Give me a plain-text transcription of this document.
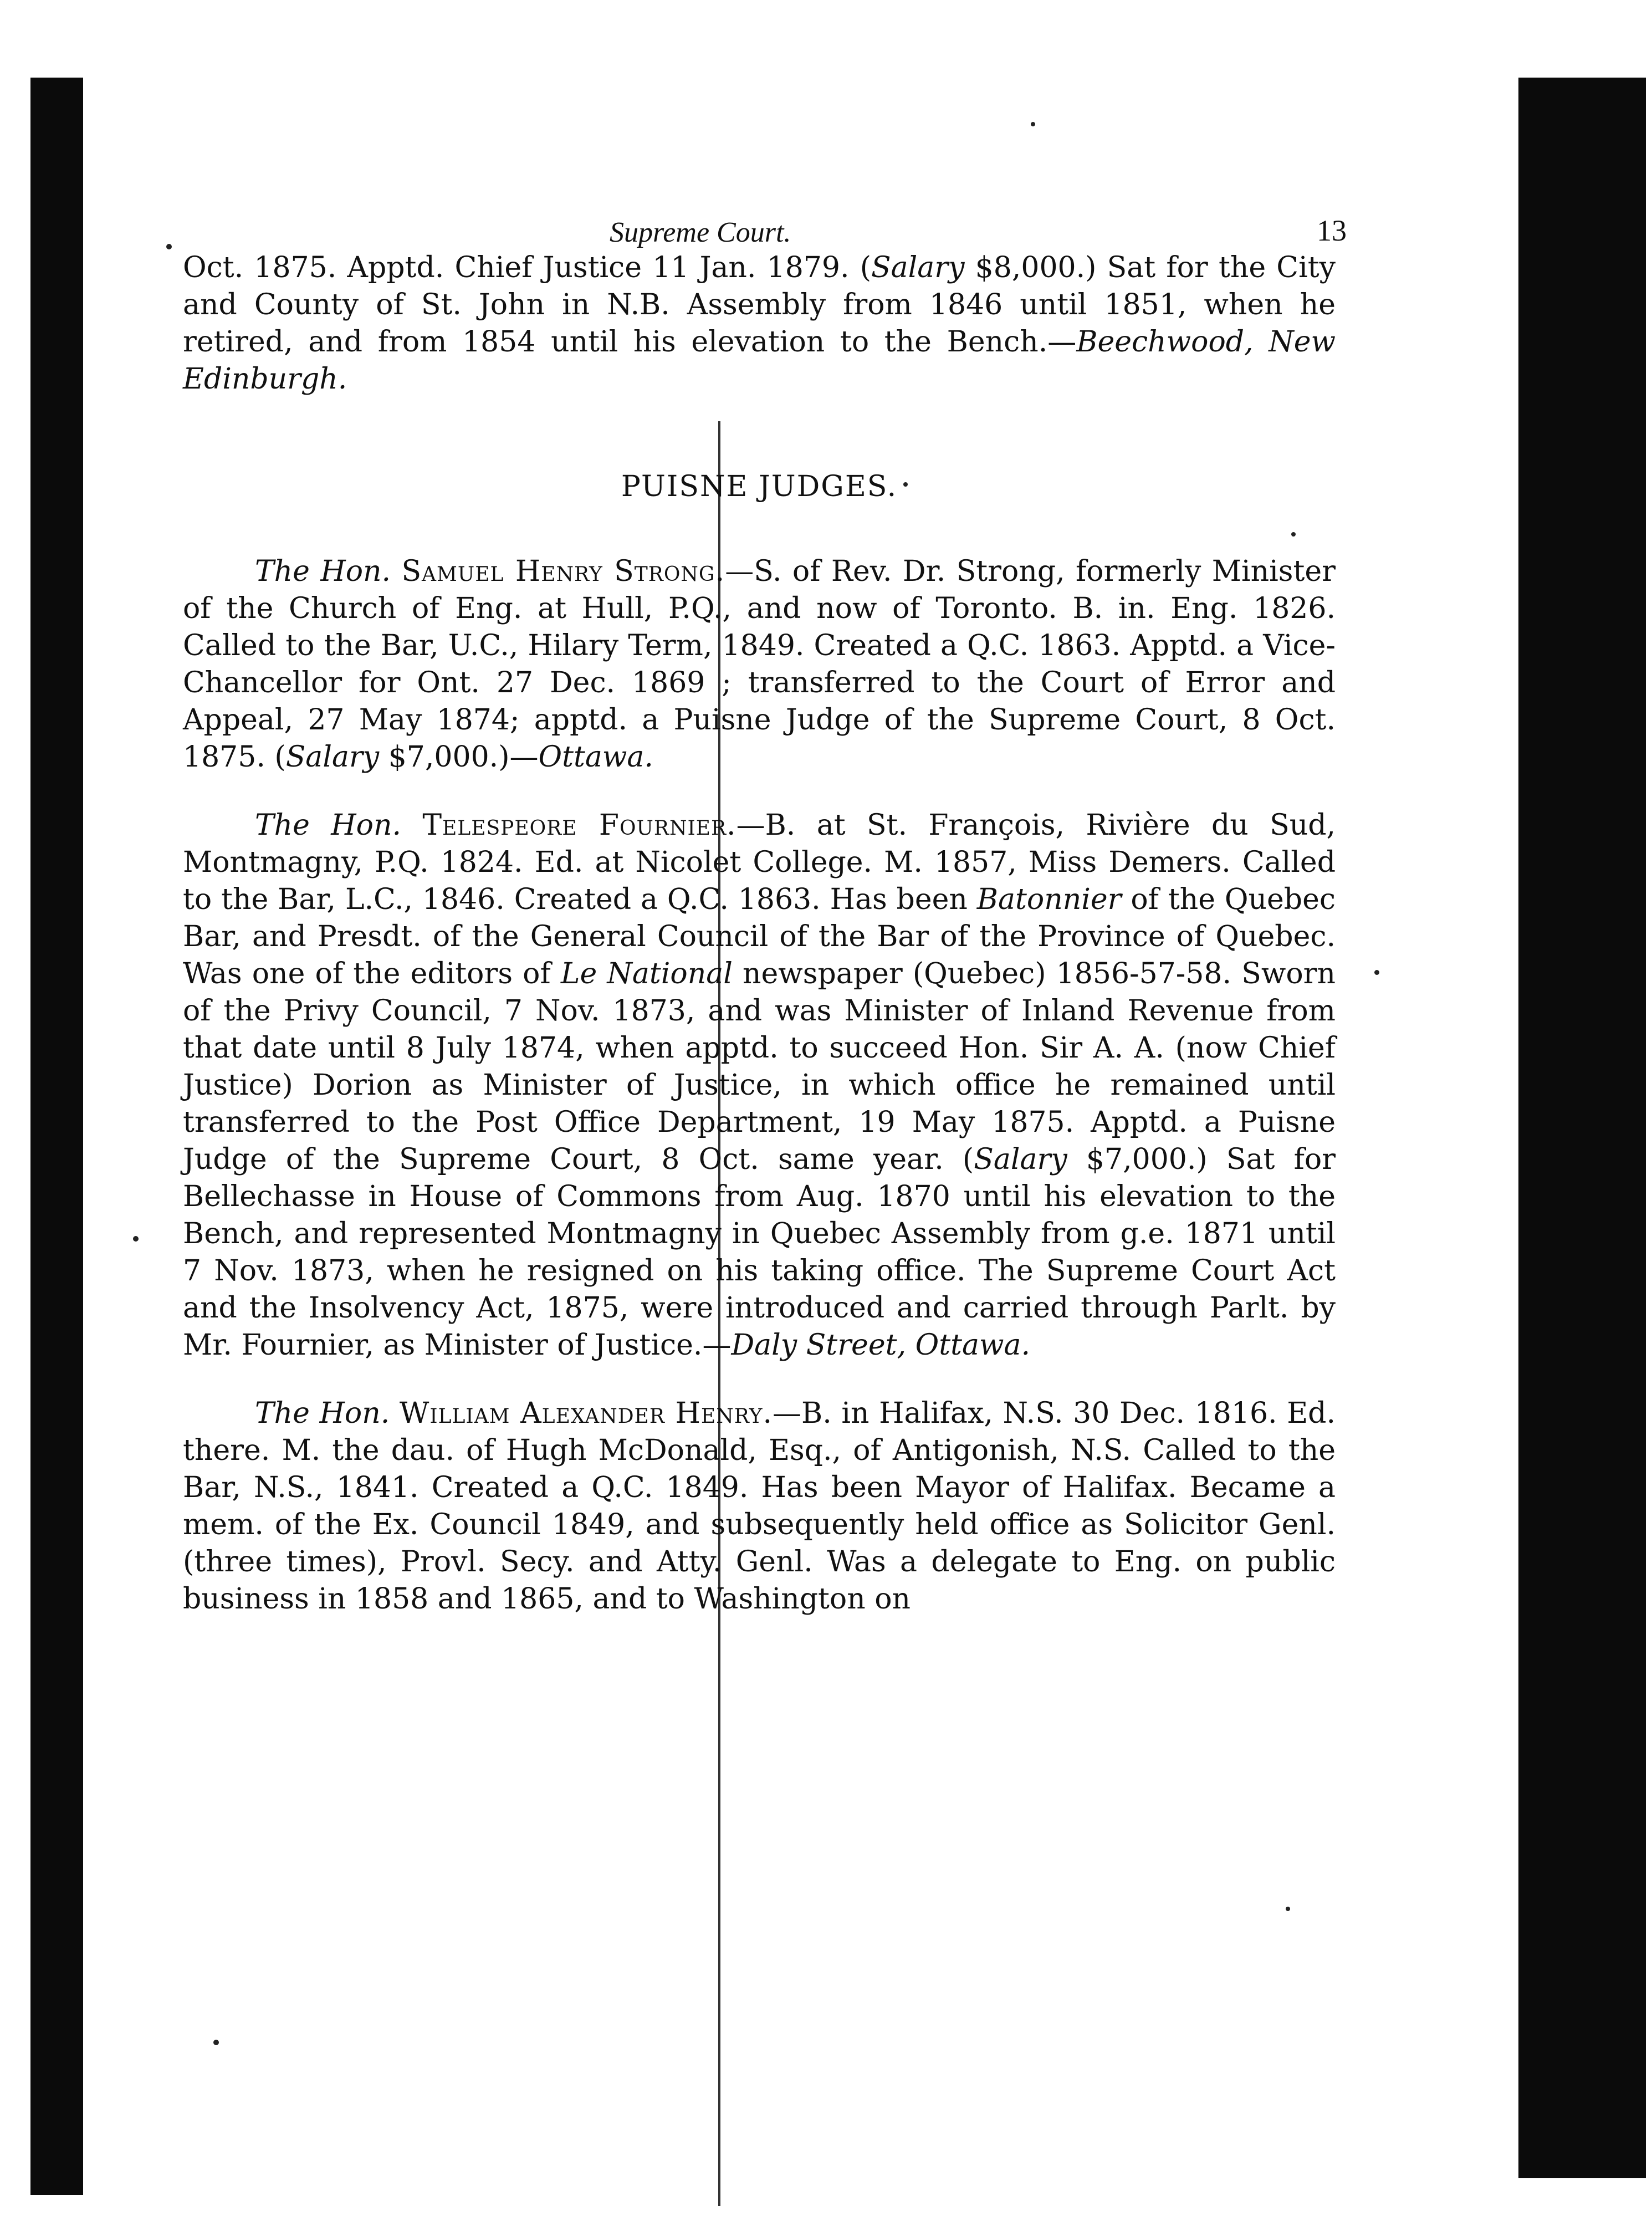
Supreme Court.	13

Oct. 1875. Apptd. Chief Justice 11 Jan. 1879. (Salary $8,000.) Sat for the City and County of St. John in N.B. Assembly from 1846 until 1851, when he retired, and from 1854 until his elevation to the Bench.—Beechwood, New Edinburgh.

PUISNE JUDGES.

The Hon. Samuel Henry Strong.—S. of Rev. Dr. Strong, formerly Minister of the Church of Eng. at Hull, P.Q., and now of Toronto. B. in. Eng. 1826. Called to the Bar, U.C., Hilary Term, 1849. Created a Q.C. 1863. Apptd. a Vice-Chancellor for Ont. 27 Dec. 1869 ; transferred to the Court of Error and Appeal, 27 May 1874; apptd. a Puisne Judge of the Supreme Court, 8 Oct. 1875. (Salary $7,000.)—Ottawa.

The Hon. Telespeore Fournier.—B. at St. François, Rivière du Sud, Montmagny, P.Q. 1824. Ed. at Nicolet College. M. 1857, Miss Demers. Called to the Bar, L.C., 1846. Created a Q.C. 1863. Has been Batonnier of the Quebec Bar, and Presdt. of the General Council of the Bar of the Province of Quebec. Was one of the editors of Le National newspaper (Quebec) 1856-57-58. Sworn of the Privy Council, 7 Nov. 1873, and was Minister of Inland Revenue from that date until 8 July 1874, when apptd. to succeed Hon. Sir A. A. (now Chief Justice) Dorion as Minister of Justice, in which office he remained until transferred to the Post Office Department, 19 May 1875. Apptd. a Puisne Judge of the Supreme Court, 8 Oct. same year. (Salary $7,000.) Sat for Bellechasse in House of Commons from Aug. 1870 until his elevation to the Bench, and represented Montmagny in Quebec Assembly from g.e. 1871 until 7 Nov. 1873, when he resigned on his taking office. The Supreme Court Act and the Insolvency Act, 1875, were introduced and carried through Parlt. by Mr. Fournier, as Minister of Justice.—Daly Street, Ottawa.

The Hon. William Alexander Henry.—B. in Halifax, N.S. 30 Dec. 1816. Ed. there. M. the dau. of Hugh McDonald, Esq., of Antigonish, N.S. Called to the Bar, N.S., 1841. Created a Q.C. 1849. Has been Mayor of Halifax. Became a mem. of the Ex. Council 1849, and subsequently held office as Solicitor Genl. (three times), Provl. Secy. and Atty. Genl. Was a delegate to Eng. on public business in 1858 and 1865, and to Washington on
